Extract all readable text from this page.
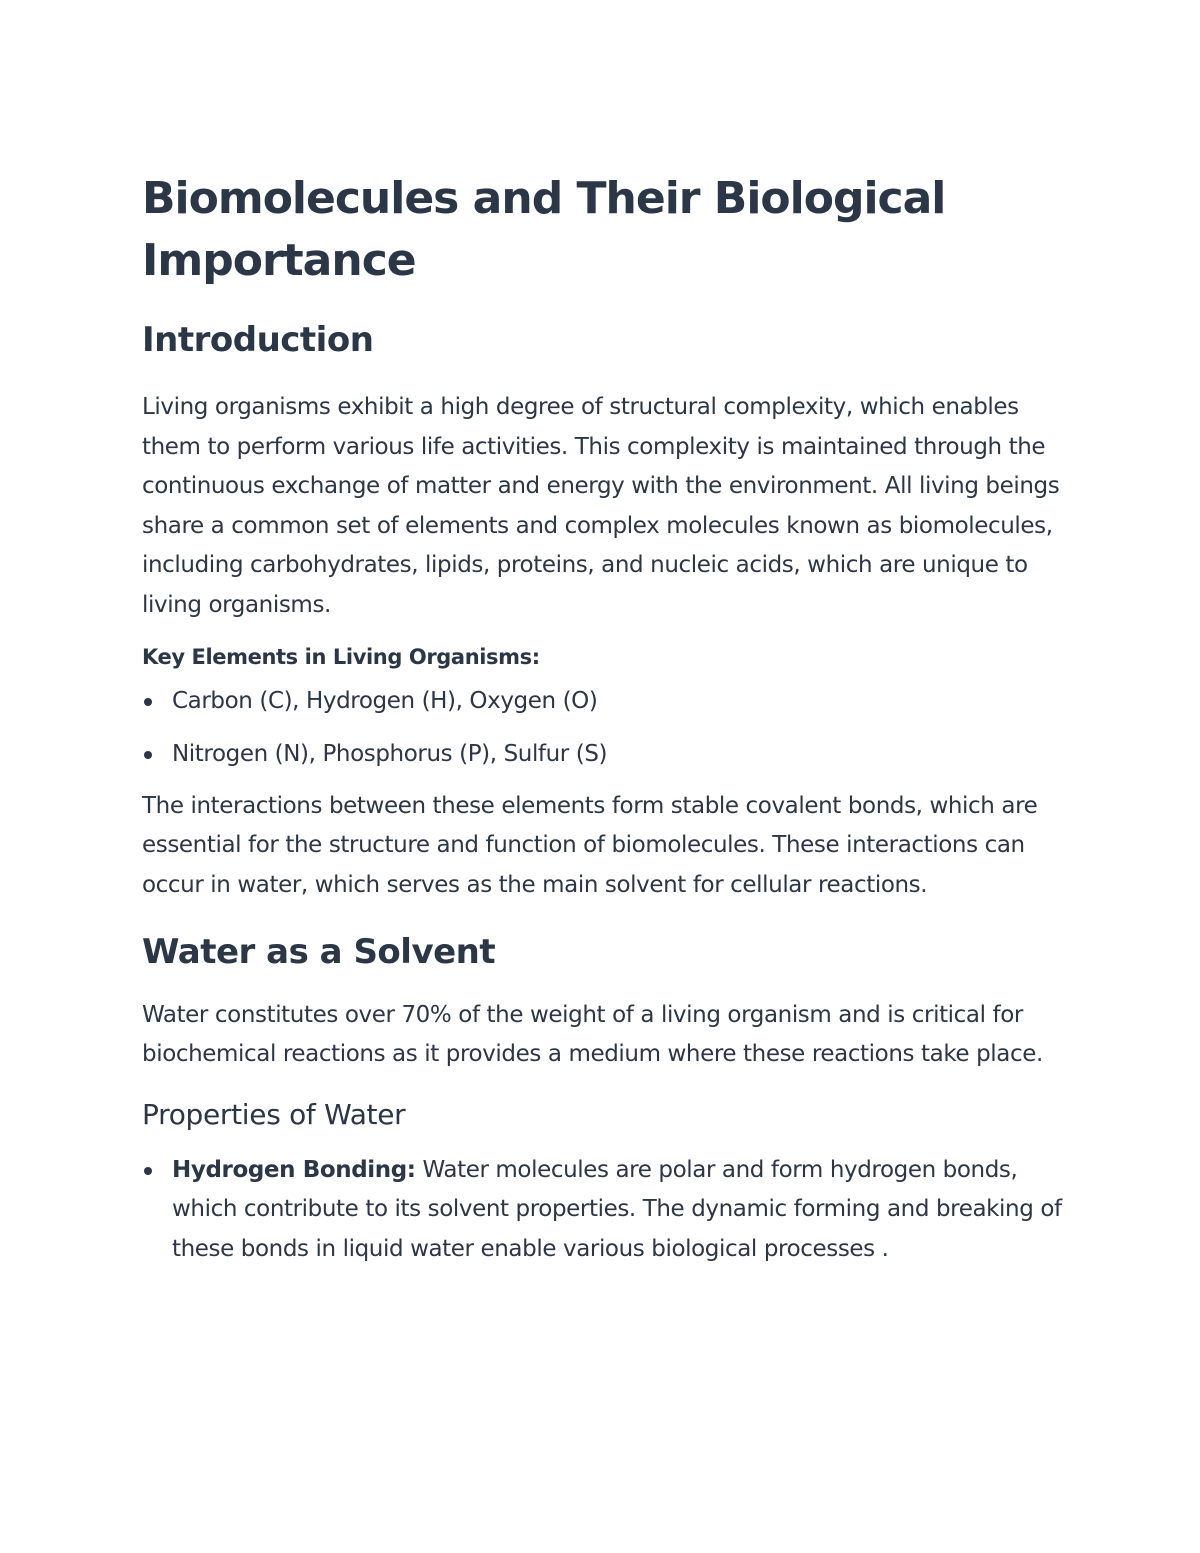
Biomolecules and Their Biological Importance
Introduction

Living organisms exhibit a high degree of structural complexity, which enables them to perform various life activities. This complexity is maintained through the continuous exchange of matter and energy with the environment. All living beings share a common set of elements and complex molecules known as biomolecules, including carbohydrates, lipids, proteins, and nucleic acids, which are unique to living organisms.

Key Elements in Living Organisms:

Carbon (C), Hydrogen (H), Oxygen (O)
Nitrogen (N), Phosphorus (P), Sulfur (S)

The interactions between these elements form stable covalent bonds, which are essential for the structure and function of biomolecules. These interactions can occur in water, which serves as the main solvent for cellular reactions.

Water as a Solvent

Water constitutes over 70% of the weight of a living organism and is critical for biochemical reactions as it provides a medium where these reactions take place.

Properties of Water
Hydrogen Bonding: Water molecules are polar and form hydrogen bonds, which contribute to its solvent properties. The dynamic forming and breaking of these bonds in liquid water enable various biological processes .
